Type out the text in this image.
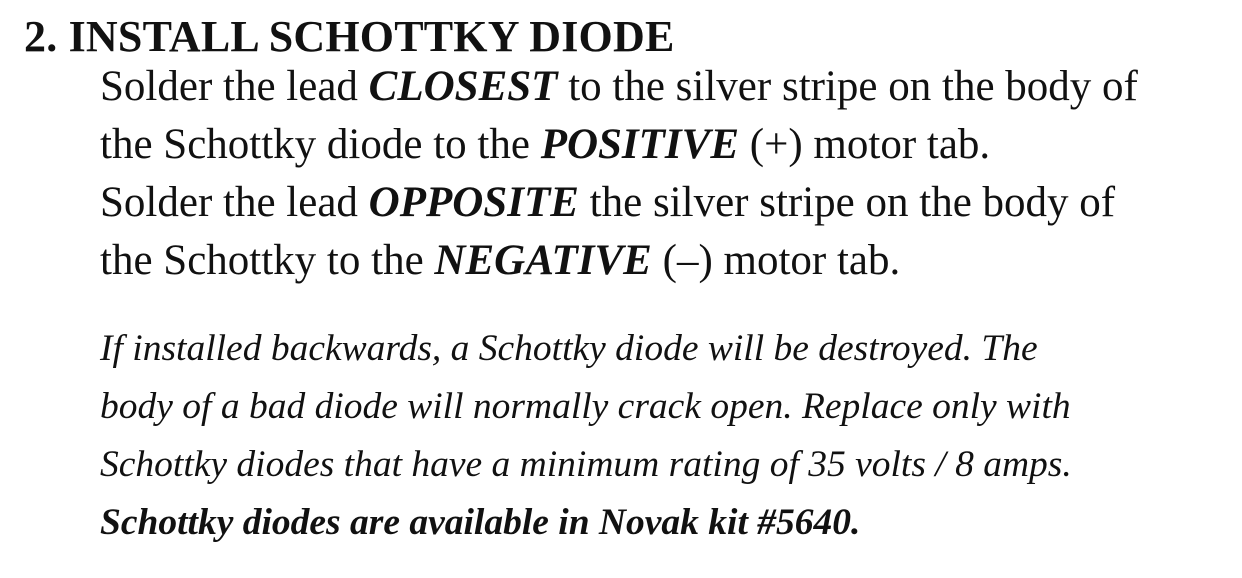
2. INSTALL SCHOTTKY DIODE

Solder the lead CLOSEST to the silver stripe on the body of
the Schottky diode to the POSITIVE (+) motor tab.
Solder the lead OPPOSITE the silver stripe on the body of
the Schottky to the NEGATIVE (–) motor tab.

If installed backwards, a Schottky diode will be destroyed. The
body of a bad diode will normally crack open. Replace only with
Schottky diodes that have a minimum rating of 35 volts / 8 amps.
Schottky diodes are available in Novak kit #5640.
